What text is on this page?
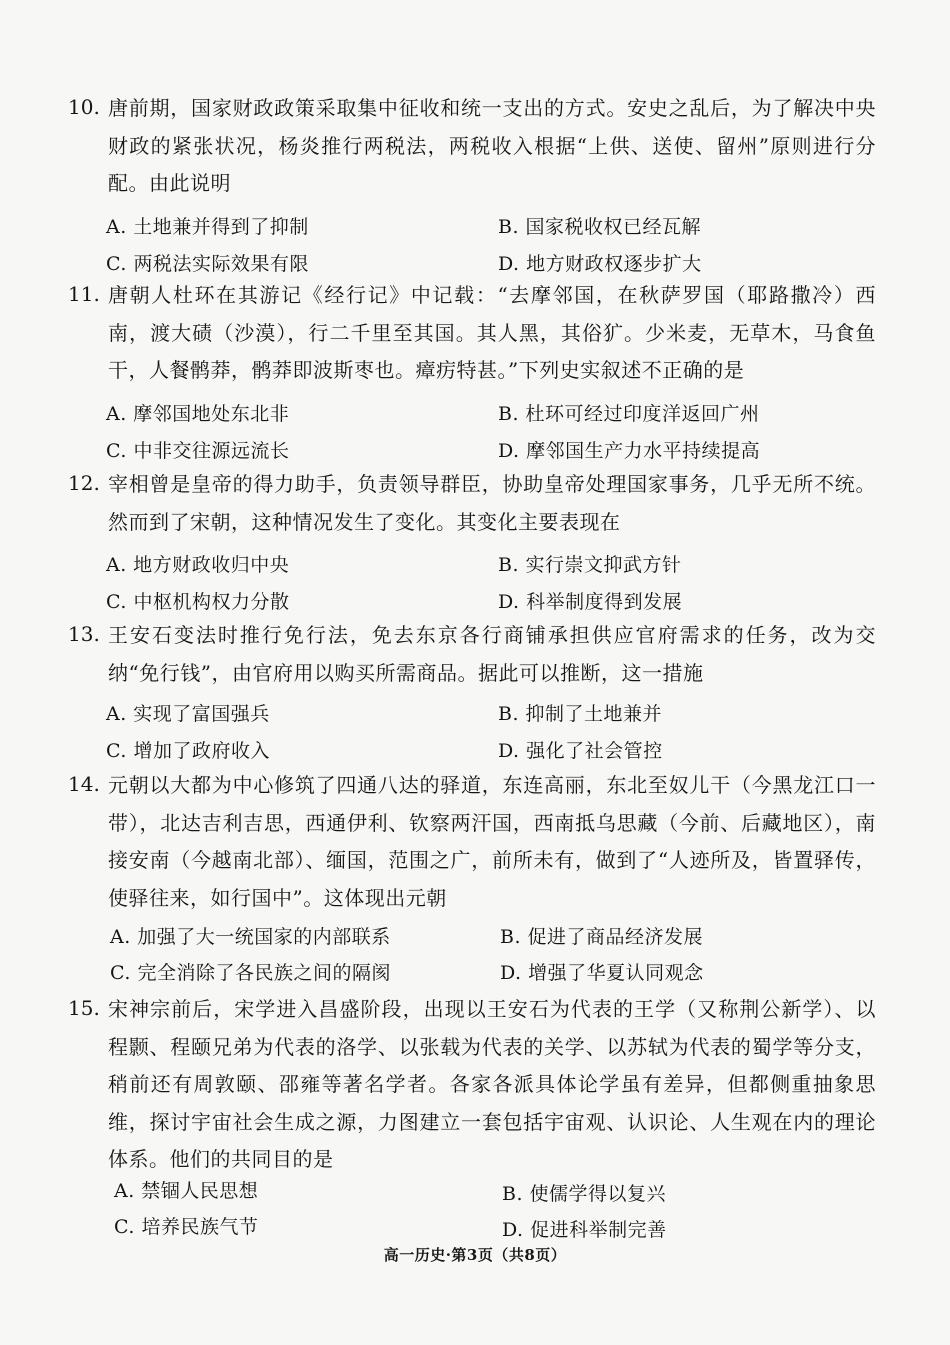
10. 唐前期，国家财政政策采取集中征收和统一支出的方式。安史之乱后，为了解决中央财政的紧张状况，杨炎推行两税法，两税收入根据“上供、送使、留州”原则进行分配。由此说明
A. 土地兼并得到了抑制	B. 国家税收权已经瓦解
C. 两税法实际效果有限	D. 地方财政权逐步扩大
11. 唐朝人杜环在其游记《经行记》中记载：“去摩邻国，在秋萨罗国（耶路撒冷）西南，渡大碛（沙漠），行二千里至其国。其人黑，其俗犷。少米麦，无草木，马食鱼干，人餐鹘莽，鹘莽即波斯枣也。瘴疠特甚。”下列史实叙述不正确的是
A. 摩邻国地处东北非	B. 杜环可经过印度洋返回广州
C. 中非交往源远流长	D. 摩邻国生产力水平持续提高
12. 宰相曾是皇帝的得力助手，负责领导群臣，协助皇帝处理国家事务，几乎无所不统。然而到了宋朝，这种情况发生了变化。其变化主要表现在
A. 地方财政收归中央	B. 实行崇文抑武方针
C. 中枢机构权力分散	D. 科举制度得到发展
13. 王安石变法时推行免行法，免去东京各行商铺承担供应官府需求的任务，改为交纳“免行钱”，由官府用以购买所需商品。据此可以推断，这一措施
A. 实现了富国强兵	B. 抑制了土地兼并
C. 增加了政府收入	D. 强化了社会管控
14. 元朝以大都为中心修筑了四通八达的驿道，东连高丽，东北至奴儿干（今黑龙江口一带），北达吉利吉思，西通伊利、钦察两汗国，西南抵乌思藏（今前、后藏地区），南接安南（今越南北部）、缅国，范围之广，前所未有，做到了“人迹所及，皆置驿传，使驿往来，如行国中”。这体现出元朝
A. 加强了大一统国家的内部联系	B. 促进了商品经济发展
C. 完全消除了各民族之间的隔阂	D. 增强了华夏认同观念
15. 宋神宗前后，宋学进入昌盛阶段，出现以王安石为代表的王学（又称荆公新学）、以程颢、程颐兄弟为代表的洛学、以张载为代表的关学、以苏轼为代表的蜀学等分支，稍前还有周敦颐、邵雍等著名学者。各家各派具体论学虽有差异，但都侧重抽象思维，探讨宇宙社会生成之源，力图建立一套包括宇宙观、认识论、人生观在内的理论体系。他们的共同目的是
A. 禁锢人民思想	B. 使儒学得以复兴
C. 培养民族气节	D. 促进科举制完善
高一历史·第3页（共8页）
